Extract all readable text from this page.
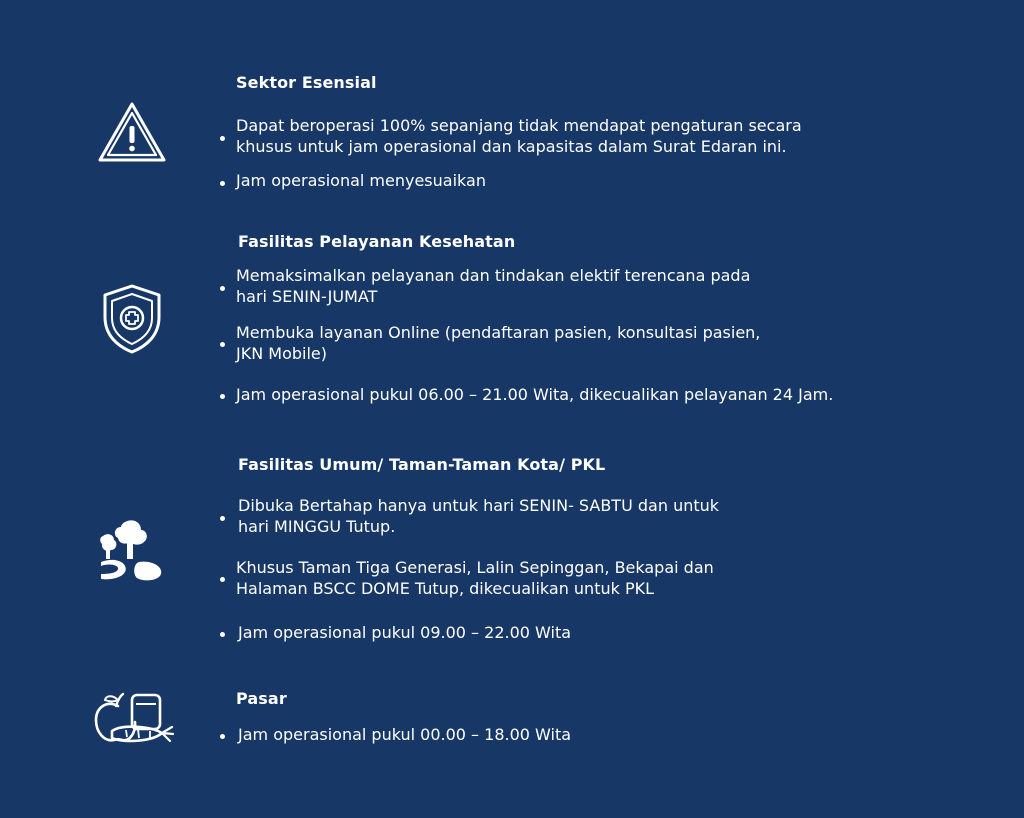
Sektor Esensial
Dapat beroperasi 100% sepanjang tidak mendapat pengaturan secara
khusus untuk jam operasional dan kapasitas dalam Surat Edaran ini.
Jam operasional menyesuaikan
Fasilitas Pelayanan Kesehatan
Memaksimalkan pelayanan dan tindakan elektif terencana pada
hari SENIN-JUMAT
Membuka layanan Online (pendaftaran pasien, konsultasi pasien,
JKN Mobile)
Jam operasional pukul 06.00 – 21.00 Wita, dikecualikan pelayanan 24 Jam.
Fasilitas Umum/ Taman-Taman Kota/ PKL
Dibuka Bertahap hanya untuk hari SENIN- SABTU dan untuk
hari MINGGU Tutup.
Khusus Taman Tiga Generasi, Lalin Sepinggan, Bekapai dan
Halaman BSCC DOME Tutup, dikecualikan untuk PKL
Jam operasional pukul 09.00 – 22.00 Wita
Pasar
Jam operasional pukul 00.00 – 18.00 Wita
